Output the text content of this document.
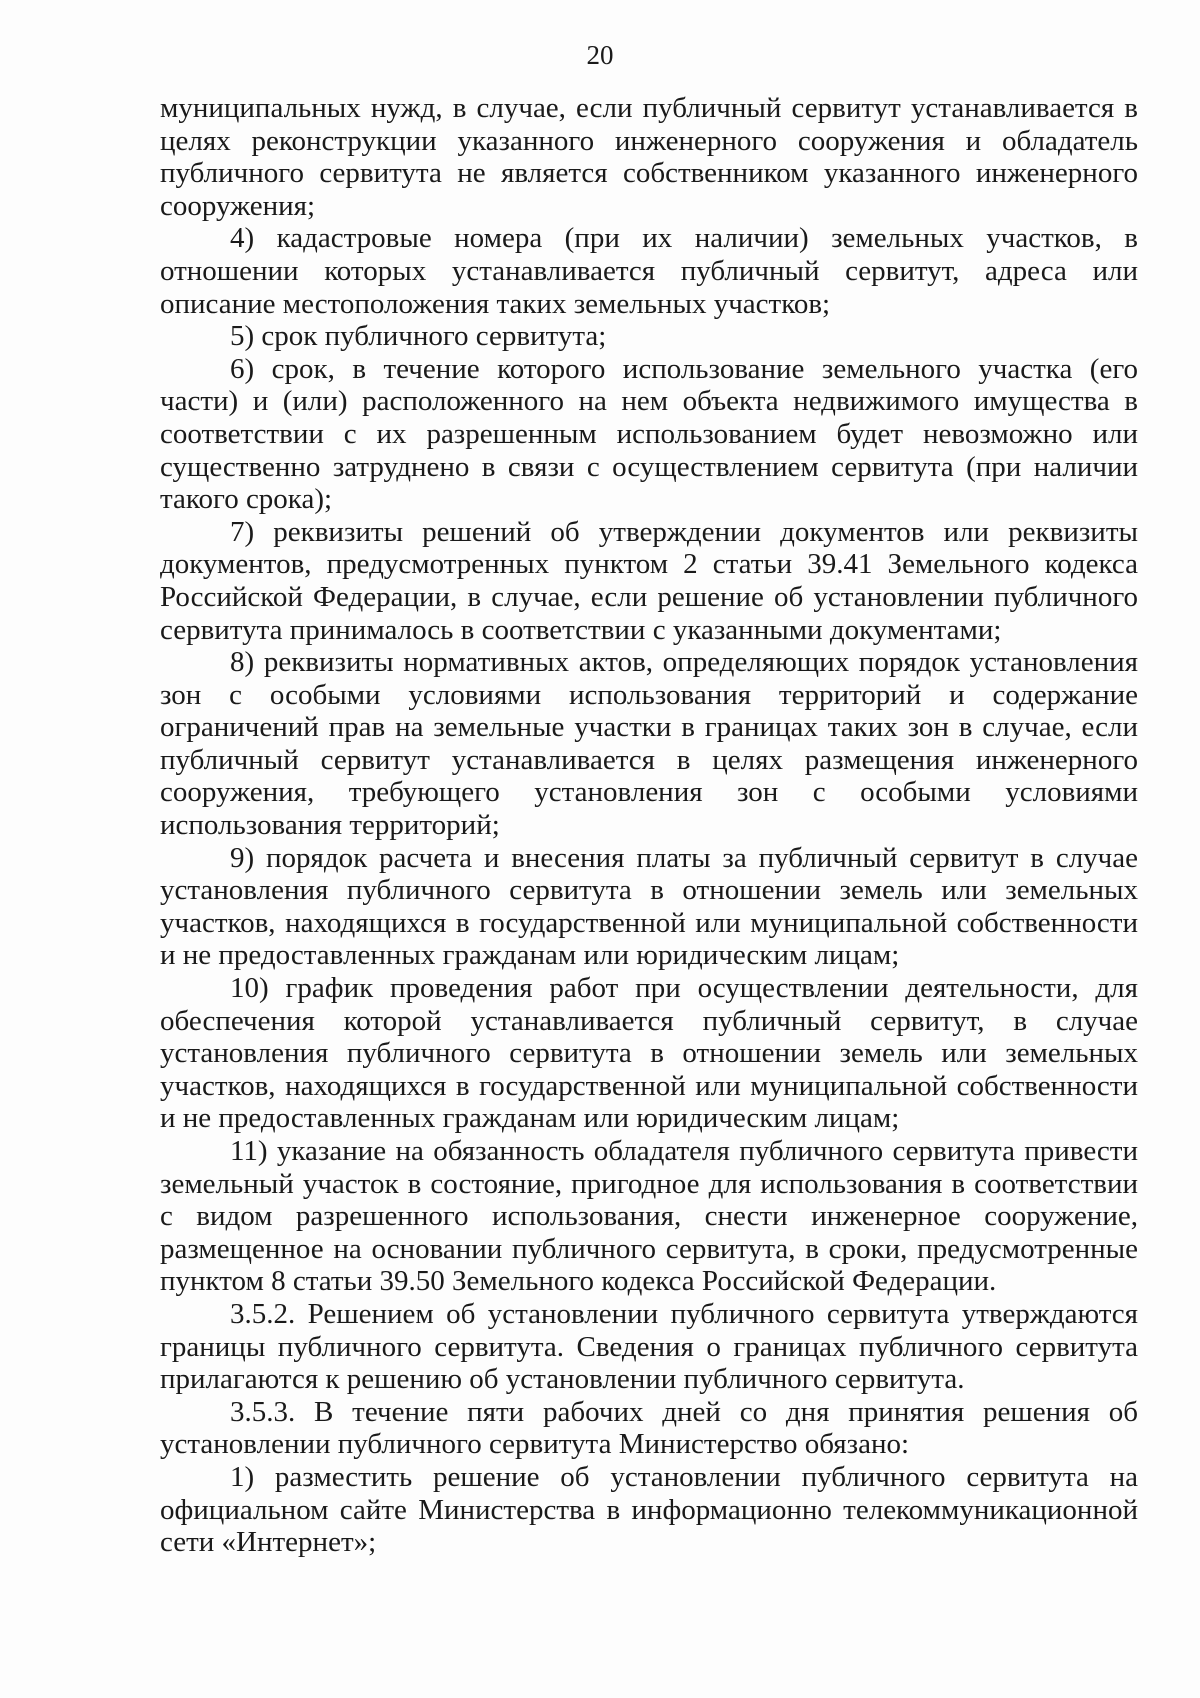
20

муниципальных нужд, в случае, если публичный сервитут устанавливается в целях реконструкции указанного инженерного сооружения и обладатель публичного сервитута не является собственником указанного инженерного сооружения;

4) кадастровые номера (при их наличии) земельных участков, в отношении которых устанавливается публичный сервитут, адреса или описание местоположения таких земельных участков;

5) срок публичного сервитута;

6) срок, в течение которого использование земельного участка (его части) и (или) расположенного на нем объекта недвижимого имущества в соответствии с их разрешенным использованием будет невозможно или существенно затруднено в связи с осуществлением сервитута (при наличии такого срока);

7) реквизиты решений об утверждении документов или реквизиты документов, предусмотренных пунктом 2 статьи 39.41 Земельного кодекса Российской Федерации, в случае, если решение об установлении публичного сервитута принималось в соответствии с указанными документами;

8) реквизиты нормативных актов, определяющих порядок установления зон с особыми условиями использования территорий и содержание ограничений прав на земельные участки в границах таких зон в случае, если публичный сервитут устанавливается в целях размещения инженерного сооружения, требующего установления зон с особыми условиями использования территорий;

9) порядок расчета и внесения платы за публичный сервитут в случае установления публичного сервитута в отношении земель или земельных участков, находящихся в государственной или муниципальной собственности и не предоставленных гражданам или юридическим лицам;

10) график проведения работ при осуществлении деятельности, для обеспечения которой устанавливается публичный сервитут, в случае установления публичного сервитута в отношении земель или земельных участков, находящихся в государственной или муниципальной собственности и не предоставленных гражданам или юридическим лицам;

11) указание на обязанность обладателя публичного сервитута привести земельный участок в состояние, пригодное для использования в соответствии с видом разрешенного использования, снести инженерное сооружение, размещенное на основании публичного сервитута, в сроки, предусмотренные пунктом 8 статьи 39.50 Земельного кодекса Российской Федерации.

3.5.2. Решением об установлении публичного сервитута утверждаются границы публичного сервитута. Сведения о границах публичного сервитута прилагаются к решению об установлении публичного сервитута.

3.5.3. В течение пяти рабочих дней со дня принятия решения об установлении публичного сервитута Министерство обязано:

1) разместить решение об установлении публичного сервитута на официальном сайте Министерства в информационно телекоммуникационной сети «Интернет»;
